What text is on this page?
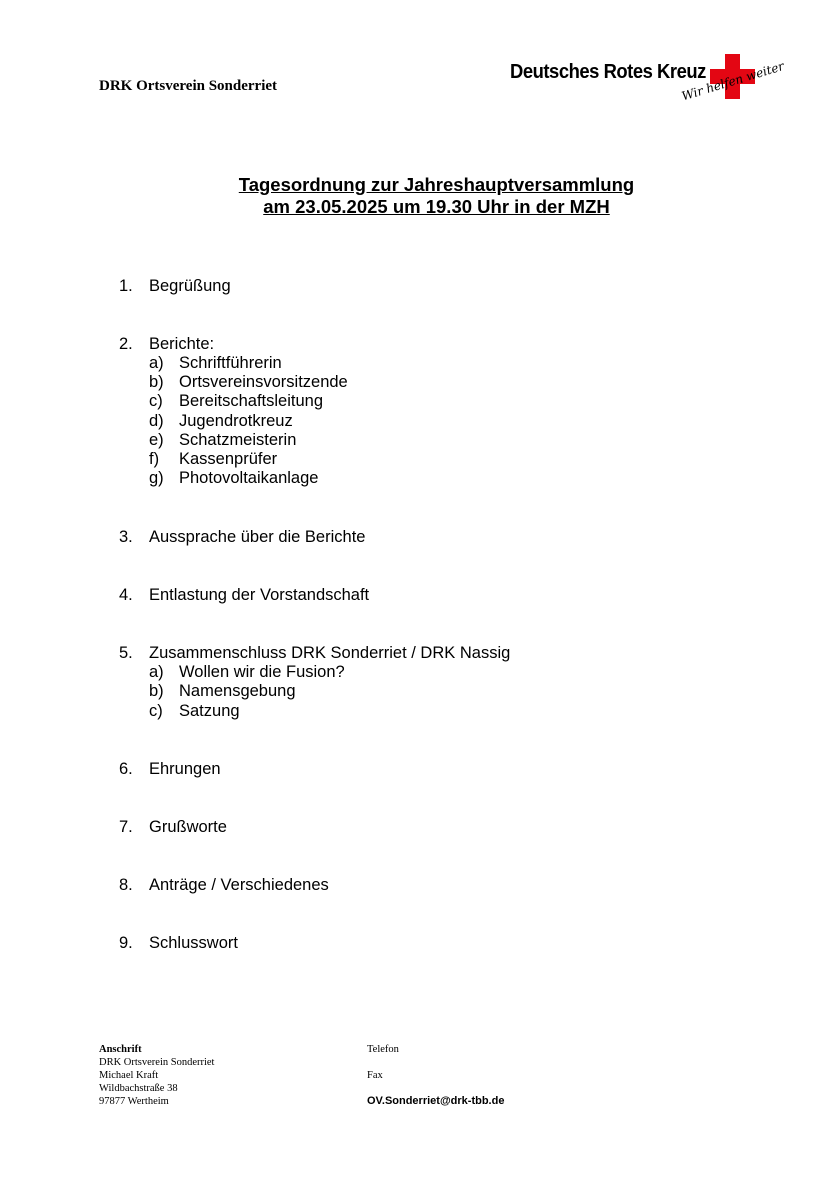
DRK Ortsverein Sonderriet
Deutsches Rotes Kreuz
Wir helfen weiter
Tagesordnung zur Jahreshauptversammlung
am 23.05.2025 um 19.30 Uhr in der MZH
1. Begrüßung
2. Berichte:
a) Schriftführerin
b) Ortsvereinsvorsitzende
c) Bereitschaftsleitung
d) Jugendrotkreuz
e) Schatzmeisterin
f) Kassenprüfer
g) Photovoltaikanlage
3. Aussprache über die Berichte
4. Entlastung der Vorstandschaft
5. Zusammenschluss DRK Sonderriet / DRK Nassig
a) Wollen wir die Fusion?
b) Namensgebung
c) Satzung
6. Ehrungen
7. Grußworte
8. Anträge / Verschiedenes
9. Schlusswort
Anschrift
DRK Ortsverein Sonderriet
Michael Kraft
Wildbachstraße 38
97877 Wertheim
Telefon
Fax
OV.Sonderriet@drk-tbb.de
